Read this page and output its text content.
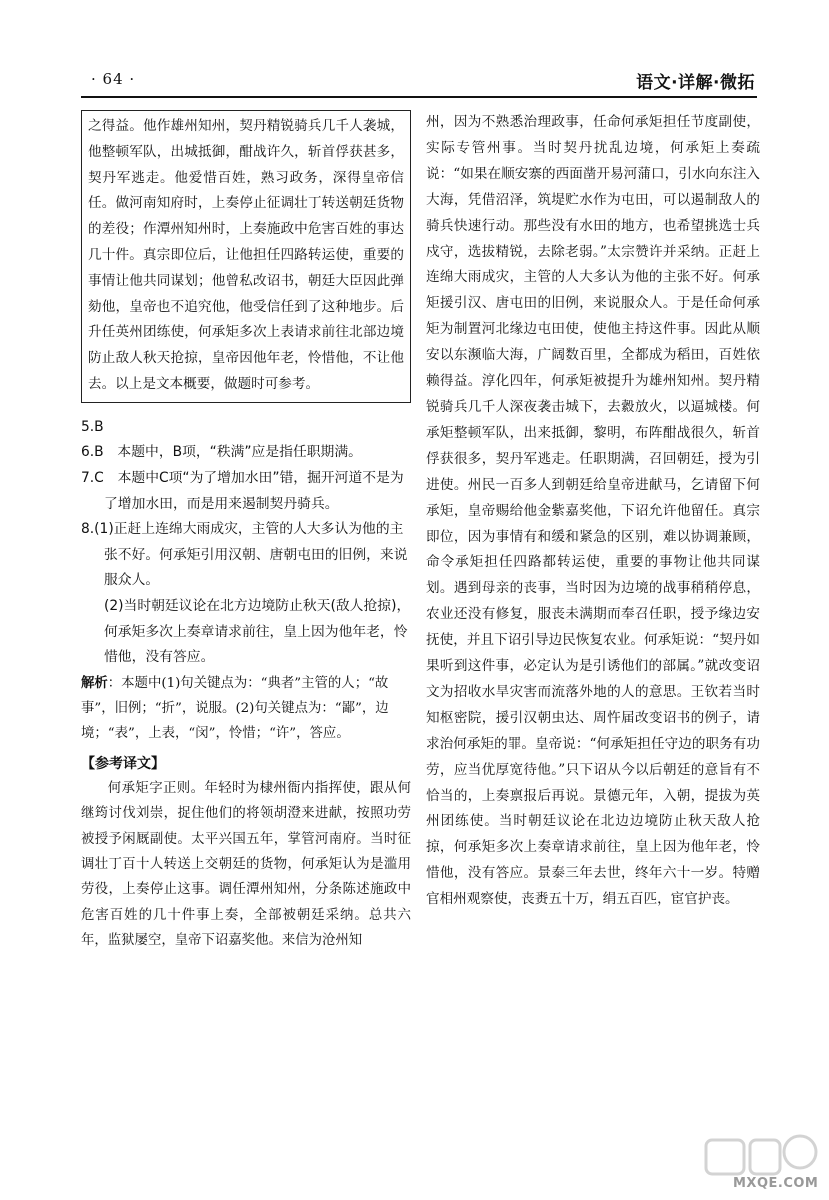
· 64 ·	语文·详解·微拓
之得益。他作雄州知州，契丹精锐骑兵几千人袭城，他整顿军队，出城抵御，酣战许久，斩首俘获甚多，契丹军逃走。他爱惜百姓，熟习政务，深得皇帝信任。做河南知府时，上奏停止征调壮丁转送朝廷货物的差役；作潭州知州时，上奏施政中危害百姓的事达几十件。真宗即位后，让他担任四路转运使，重要的事情让他共同谋划；他曾私改诏书，朝廷大臣因此弹劾他，皇帝也不追究他，他受信任到了这种地步。后升任英州团练使，何承矩多次上表请求前往北部边境防止敌人秋天抢掠，皇帝因他年老，怜惜他，不让他去。以上是文本概要，做题时可参考。

5.B

6.B　本题中，B项，“秩满”应是指任职期满。

7.C　本题中C项“为了增加水田”错，掘开河道不是为了增加水田，而是用来遏制契丹骑兵。

8.(1)正赶上连绵大雨成灾，主管的人大多认为他的主张不好。何承矩引用汉朝、唐朝屯田的旧例，来说服众人。

(2)当时朝廷议论在北方边境防止秋天(敌人抢掠)，何承矩多次上奏章请求前往，皇上因为他年老，怜惜他，没有答应。

解析：本题中(1)句关键点为：“典者”主管的人；“故事”，旧例；“折”，说服。(2)句关键点为：“鄙”，边境；“表”，上表，“闵”，怜惜；“许”，答应。

【参考译文】

何承矩字正则。年轻时为棣州衙内指挥使，跟从何继筠讨伐刘崇，捉住他们的将领胡澄来进献，按照功劳被授予闲厩副使。太平兴国五年，掌管河南府。当时征调壮丁百十人转送上交朝廷的货物，何承矩认为是滥用劳役，上奏停止这事。调任潭州知州，分条陈述施政中危害百姓的几十件事上奏，全部被朝廷采纳。总共六年，监狱屡空，皇帝下诏嘉奖他。来信为沧州知

州，因为不熟悉治理政事，任命何承矩担任节度副使，实际专管州事。当时契丹扰乱边境，何承矩上奏疏说：“如果在顺安寨的西面凿开易河蒲口，引水向东注入大海，凭借沼泽，筑堤贮水作为屯田，可以遏制敌人的骑兵快速行动。那些没有水田的地方，也希望挑选士兵戍守，选拔精锐，去除老弱。”太宗赞许并采纳。正赶上连绵大雨成灾，主管的人大多认为他的主张不好。何承矩援引汉、唐屯田的旧例，来说服众人。于是任命何承矩为制置河北缘边屯田使，使他主持这件事。因此从顺安以东濒临大海，广阔数百里，全都成为稻田，百姓依赖得益。淳化四年，何承矩被提升为雄州知州。契丹精锐骑兵几千人深夜袭击城下，去縠放火，以逼城楼。何承矩整顿军队，出来抵御，黎明，布阵酣战很久，斩首俘获很多，契丹军逃走。任职期满，召回朝廷，授为引进使。州民一百多人到朝廷给皇帝进献马，乞请留下何承矩，皇帝赐给他金紫嘉奖他，下诏允许他留任。真宗即位，因为事情有和缓和紧急的区别，难以协调兼顾，命令承矩担任四路都转运使，重要的事物让他共同谋划。遇到母亲的丧事，当时因为边境的战事稍稍停息，农业还没有修复，服丧未满期而奉召任职，授予缘边安抚使，并且下诏引导边民恢复农业。何承矩说：“契丹如果听到这件事，必定认为是引诱他们的部属。”就改变诏文为招收水旱灾害而流落外地的人的意思。王钦若当时知枢密院，援引汉朝虫达、周忤届改变诏书的例子，请求治何承矩的罪。皇帝说：“何承矩担任守边的职务有功劳，应当优厚宽待他。”只下诏从今以后朝廷的意旨有不恰当的，上奏禀报后再说。景德元年，入朝，提拔为英州团练使。当时朝廷议论在北边边境防止秋天敌人抢掠，何承矩多次上奏章请求前往，皇上因为他年老，怜惜他，没有答应。景泰三年去世，终年六十一岁。特赠官相州观察使，丧赉五十万，绢五百匹，宦官护丧。

MXQE.COM
